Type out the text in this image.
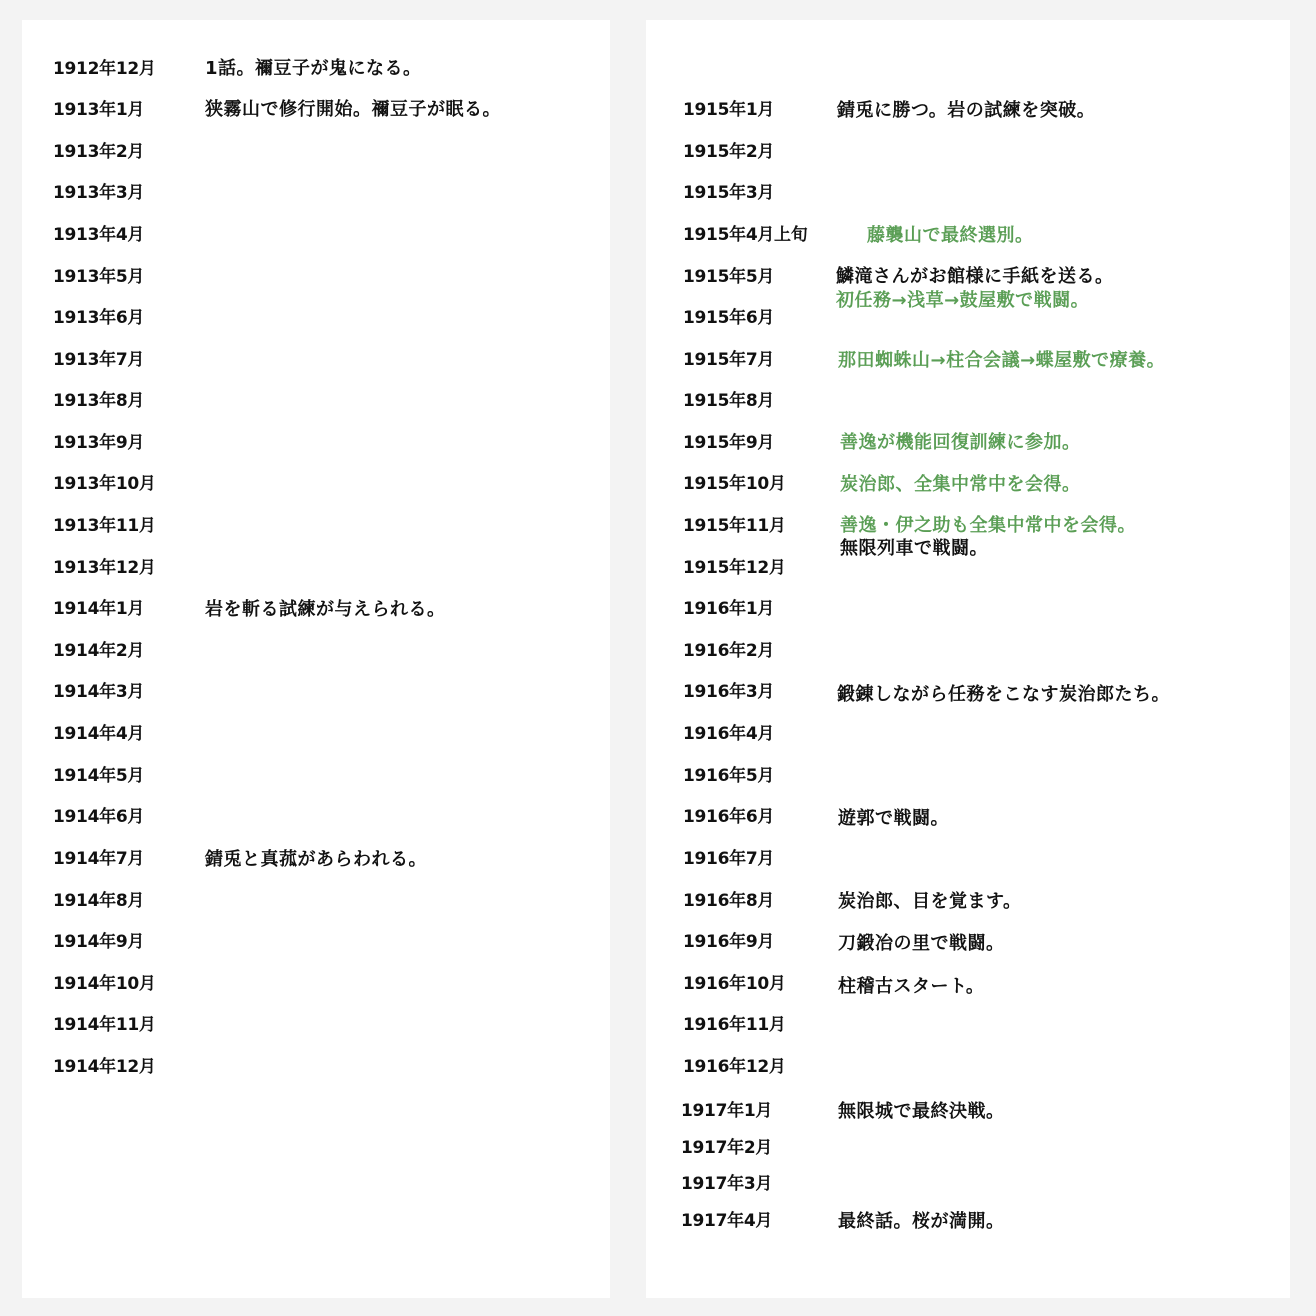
1912年12月
1913年1月
1913年2月
1913年3月
1913年4月
1913年5月
1913年6月
1913年7月
1913年8月
1913年9月
1913年10月
1913年11月
1913年12月
1914年1月
1914年2月
1914年3月
1914年4月
1914年5月
1914年6月
1914年7月
1914年8月
1914年9月
1914年10月
1914年11月
1914年12月
1話。禰豆子が鬼になる。
狭霧山で修行開始。禰豆子が眠る。
岩を斬る試練が与えられる。
錆兎と真菰があらわれる。
1915年1月
1915年2月
1915年3月
1915年4月上旬
1915年5月
1915年6月
1915年7月
1915年8月
1915年9月
1915年10月
1915年11月
1915年12月
1916年1月
1916年2月
1916年3月
1916年4月
1916年5月
1916年6月
1916年7月
1916年8月
1916年9月
1916年10月
1916年11月
1916年12月
1917年1月
1917年2月
1917年3月
1917年4月
錆兎に勝つ。岩の試練を突破。
藤襲山で最終選別。
鱗滝さんがお館様に手紙を送る。
初任務→浅草→鼓屋敷で戦闘。
那田蜘蛛山→柱合会議→蝶屋敷で療養。
善逸が機能回復訓練に参加。
炭治郎、全集中常中を会得。
善逸・伊之助も全集中常中を会得。
無限列車で戦闘。
鍛錬しながら任務をこなす炭治郎たち。
遊郭で戦闘。
炭治郎、目を覚ます。
刀鍛冶の里で戦闘。
柱稽古スタート。
無限城で最終決戦。
最終話。桜が満開。
